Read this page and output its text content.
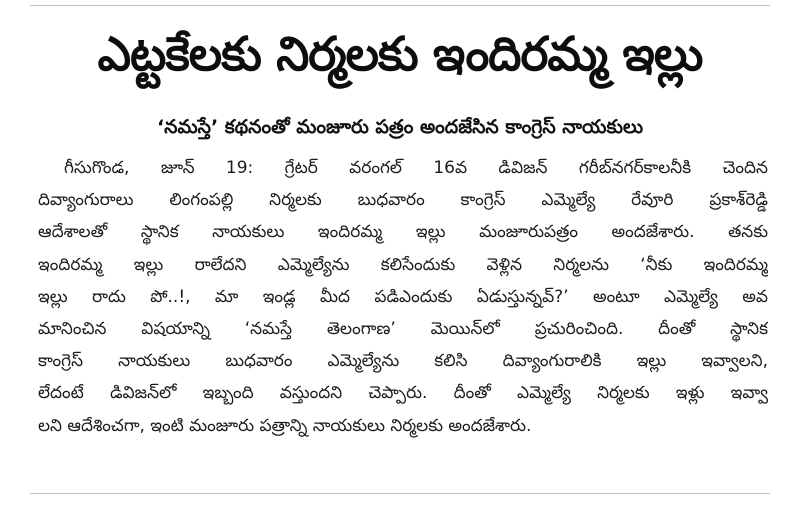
ఎట్టకేలకు నిర్మలకు ఇందిరమ్మ ఇల్లు
‘నమస్తే’ కథనంతో మంజూరు పత్రం అందజేసిన కాంగ్రెస్‌ నాయకులు
గీసుగొండ, జూన్‌ 19: గ్రేటర్‌ వరంగల్‌ 16వ డివిజన్‌ గరీబ్‌నగర్‌కాలనీకి చెందిన
దివ్యాంగురాలు లింగంపల్లి నిర్మలకు బుధవారం కాంగ్రెస్‌ ఎమ్మెల్యే రేవూరి ప్రకాశ్‌రెడ్డి
ఆదేశాలతో స్థానిక నాయకులు ఇందిరమ్మ ఇల్లు మంజూరుపత్రం అందజేశారు. తనకు
ఇందిరమ్మ ఇల్లు రాలేదని ఎమ్మెల్యేను కలిసేందుకు వెళ్లిన నిర్మలను ‘నీకు ఇందిరమ్మ
ఇల్లు రాదు పో..!, మా ఇండ్ల మీద పడిఎందుకు ఏడుస్తున్నవ్‌?’ అంటూ ఎమ్మెల్యే అవ
మానించిన విషయాన్ని ‘నమస్తే తెలంగాణ’ మెయిన్‌లో ప్రచురించింది. దీంతో స్థానిక
కాంగ్రెస్‌ నాయకులు బుధవారం ఎమ్మెల్యేను కలిసి దివ్యాంగురాలికి ఇల్లు ఇవ్వాలని,
లేదంటే డివిజన్‌లో ఇబ్బంది వస్తుందని చెప్పారు. దీంతో ఎమ్మెల్యే నిర్మలకు ఇళ్లు ఇవ్వా
లని ఆదేశించగా, ఇంటి మంజూరు పత్రాన్ని నాయకులు నిర్మలకు అందజేశారు.
